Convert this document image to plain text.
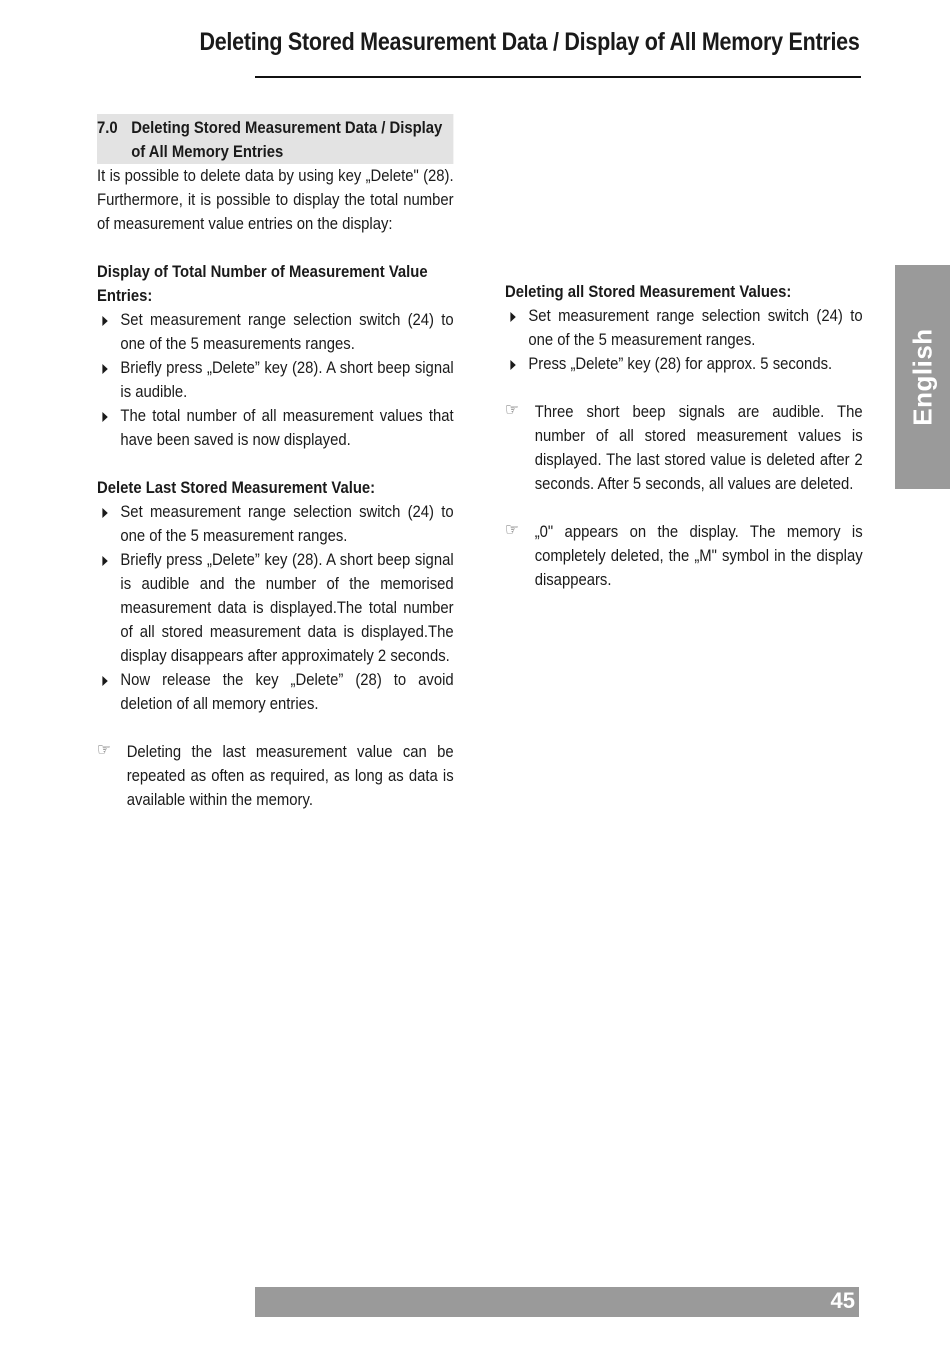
Deleting Stored Measurement Data / Display of All Memory Entries
7.0 Deleting Stored Measurement Data / Display of All Memory Entries

It is possible to delete data by using key „Delete" (28). Furthermore, it is possible to display the total number of measurement value entries on the display:

Display of Total Number of Measurement Value Entries:

Set measurement range selection switch (24) to one of the 5 measurements ranges.
Briefly press „Delete” key (28). A short beep signal is audible.
The total number of all measurement values that have been saved is now displayed.

Delete Last Stored Measurement Value:

Set measurement range selection switch (24) to one of the 5 measurement ranges.
Briefly press „Delete” key (28). A short beep signal is audible and the number of the memorised measurement data is displayed.The total number of all stored measurement data is displayed.The display disappears after approximately 2 seconds.
Now release the key „Delete” (28) to avoid deletion of all memory entries.
☞ Deleting the last measurement value can be repeated as often as required, as long as data is available within the memory.

Deleting all Stored Measurement Values:

Set measurement range selection switch (24) to one of the 5 measurement ranges.
Press „Delete” key (28) for approx. 5 seconds.
☞ Three short beep signals are audible. The number of all stored measurement values is displayed. The last stored value is deleted after 2 seconds. After 5 seconds, all values are deleted.
☞ „0" appears on the display. The memory is completely deleted, the „M" symbol in the display disappears.
English
45
